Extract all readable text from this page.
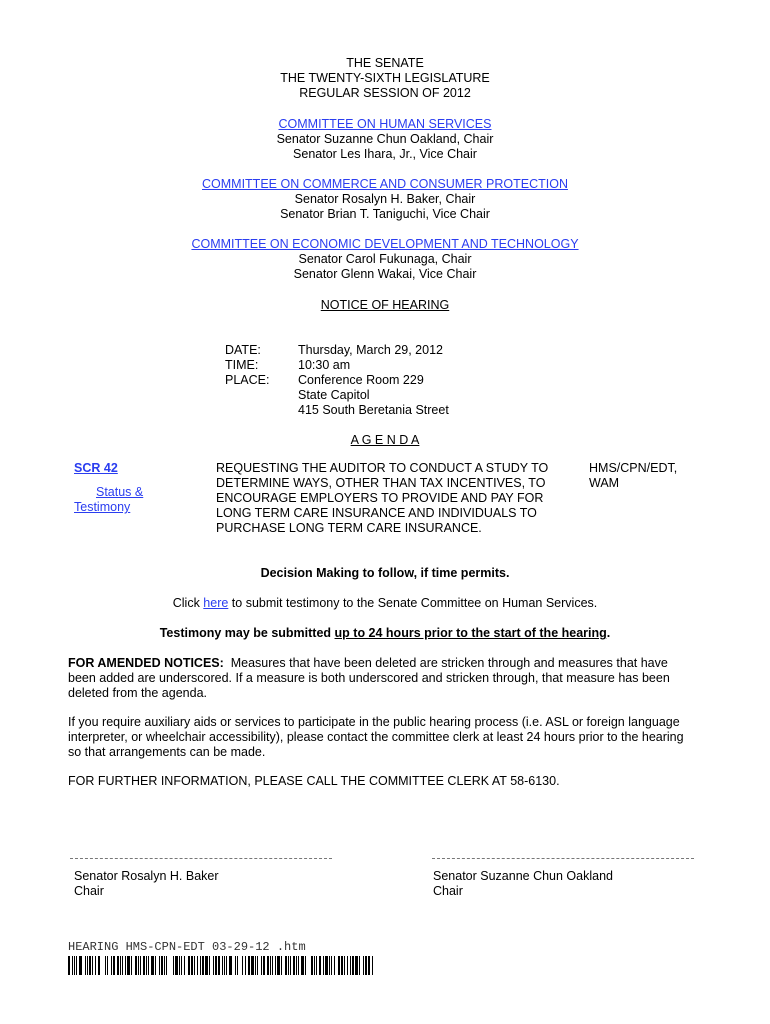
THE SENATE
THE TWENTY-SIXTH LEGISLATURE
REGULAR SESSION OF 2012
COMMITTEE ON HUMAN SERVICES
Senator Suzanne Chun Oakland, Chair
Senator Les Ihara, Jr., Vice Chair
COMMITTEE ON COMMERCE AND CONSUMER PROTECTION
Senator Rosalyn H. Baker, Chair
Senator Brian T. Taniguchi, Vice Chair
COMMITTEE ON ECONOMIC DEVELOPMENT AND TECHNOLOGY
Senator Carol Fukunaga, Chair
Senator Glenn Wakai, Vice Chair
NOTICE OF HEARING
DATE:
TIME:
PLACE:
Thursday, March 29, 2012
10:30 am
Conference Room 229
State Capitol
415 South Beretania Street
A G E N D A
SCR 42
Status &
Testimony
REQUESTING THE AUDITOR TO CONDUCT A STUDY TO
DETERMINE WAYS, OTHER THAN TAX INCENTIVES, TO
ENCOURAGE EMPLOYERS TO PROVIDE AND PAY FOR
LONG TERM CARE INSURANCE AND INDIVIDUALS TO
PURCHASE LONG TERM CARE INSURANCE.
HMS/CPN/EDT,
WAM
Decision Making to follow, if time permits.
Click here to submit testimony to the Senate Committee on Human Services.
Testimony may be submitted up to 24 hours prior to the start of the hearing.
FOR AMENDED NOTICES:  Measures that have been deleted are stricken through and measures that have
been added are underscored. If a measure is both underscored and stricken through, that measure has been
deleted from the agenda.
If you require auxiliary aids or services to participate in the public hearing process (i.e. ASL or foreign language
interpreter, or wheelchair accessibility), please contact the committee clerk at least 24 hours prior to the hearing
so that arrangements can be made.
FOR FURTHER INFORMATION, PLEASE CALL THE COMMITTEE CLERK AT 58-6130.
Senator Rosalyn H. Baker
Chair
Senator Suzanne Chun Oakland
Chair
HEARING HMS-CPN-EDT 03-29-12 .htm
